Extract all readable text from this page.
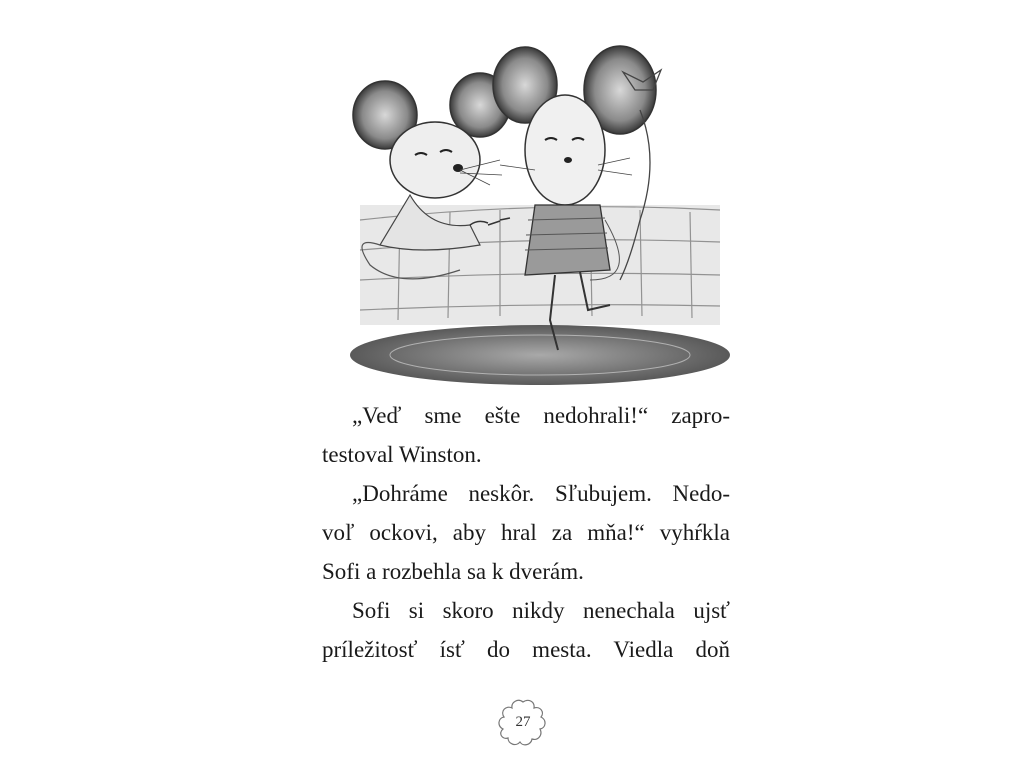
„Veď sme ešte nedohrali!“ zapro-

testoval Winston.

„Dohráme neskôr. Sľubujem. Nedo-

voľ ockovi, aby hral za mňa!“ vyhŕkla

Sofi a rozbehla sa k dverám.

Sofi si skoro nikdy nenechala ujsť

príležitosť ísť do mesta. Viedla doň

27
